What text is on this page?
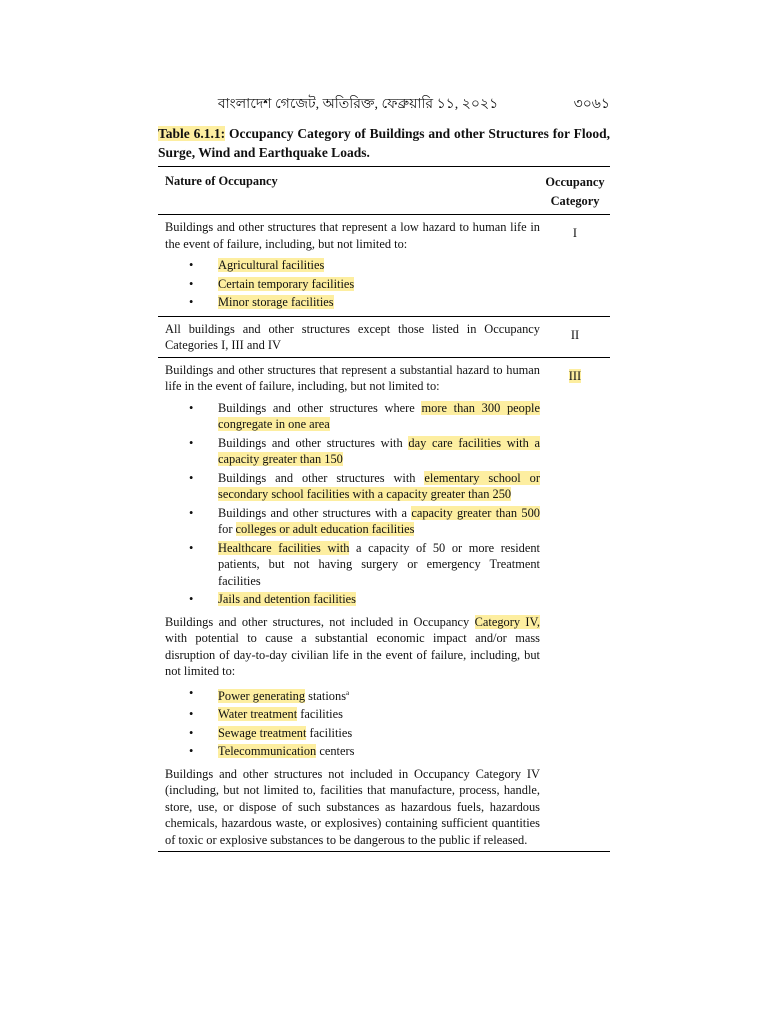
বাংলাদেশ গেজেট, অতিরিক্ত, ফেব্রুয়ারি ১১, ২০২১	৩০৬১
Table 6.1.1: Occupancy Category of Buildings and other Structures for Flood, Surge, Wind and Earthquake Loads.
Nature of Occupancy	Occupancy
Category

Buildings and other structures that represent a low hazard to human life in the event of failure, including, but not limited to:

• Agricultural facilities
• Certain temporary facilities
• Minor storage facilities
I

All buildings and other structures except those listed in Occupancy Categories I, III and IV

II

Buildings and other structures that represent a substantial hazard to human life in the event of failure, including, but not limited to:

• Buildings and other structures where more than 300 people congregate in one area
• Buildings and other structures with day care facilities with a capacity greater than 150
• Buildings and other structures with elementary school or secondary school facilities with a capacity greater than 250
• Buildings and other structures with a capacity greater than 500 for colleges or adult education facilities
• Healthcare facilities with a capacity of 50 or more resident patients, but not having surgery or emergency Treatment facilities
• Jails and detention facilities

Buildings and other structures, not included in Occupancy Category IV, with potential to cause a substantial economic impact and/or mass disruption of day-to-day civilian life in the event of failure, including, but not limited to:

• Power generating stations$^a$
• Water treatment facilities
• Sewage treatment facilities
• Telecommunication centers

Buildings and other structures not included in Occupancy Category IV (including, but not limited to, facilities that manufacture, process, handle, store, use, or dispose of such substances as hazardous fuels, hazardous chemicals, hazardous waste, or explosives) containing sufficient quantities of toxic or explosive substances to be dangerous to the public if released.

III
